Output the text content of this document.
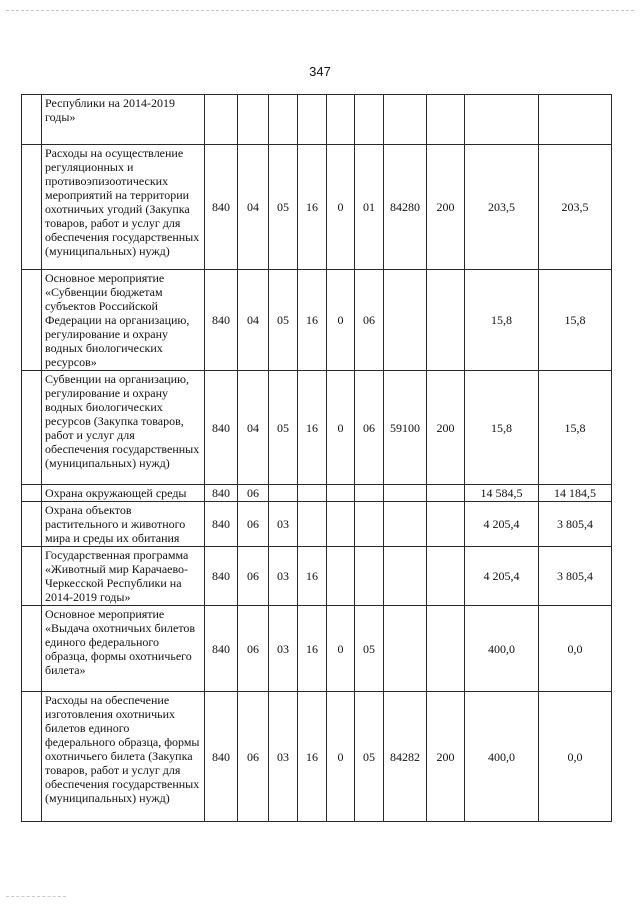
347
	Республики на 2014-2019 годы»										
	Расходы на осуществление регуляционных и противоэпизоотических мероприятий на территории охотничьих угодий (Закупка товаров, работ и услуг для обеспечения государственных (муниципальных) нужд)	840	04	05	16	0	01	84280	200	203,5	203,5
	Основное мероприятие «Субвенции бюджетам субъектов Российской Федерации на организацию, регулирование и охрану водных биологических ресурсов»	840	04	05	16	0	06			15,8	15,8
	Субвенции на организацию, регулирование и охрану водных биологических ресурсов (Закупка товаров, работ и услуг для обеспечения государственных (муниципальных) нужд)	840	04	05	16	0	06	59100	200	15,8	15,8
	Охрана окружающей среды	840	06							14 584,5	14 184,5
	Охрана объектов растительного и животного мира и среды их обитания	840	06	03						4 205,4	3 805,4
	Государственная программа «Животный мир Карачаево-Черкесской Республики на 2014-2019 годы»	840	06	03	16					4 205,4	3 805,4
	Основное мероприятие «Выдача охотничьих билетов единого федерального образца, формы охотничьего билета»	840	06	03	16	0	05			400,0	0,0
	Расходы на обеспечение изготовления охотничьих билетов единого федерального образца, формы охотничьего билета (Закупка товаров, работ и услуг для обеспечения государственных (муниципальных) нужд)	840	06	03	16	0	05	84282	200	400,0	0,0
